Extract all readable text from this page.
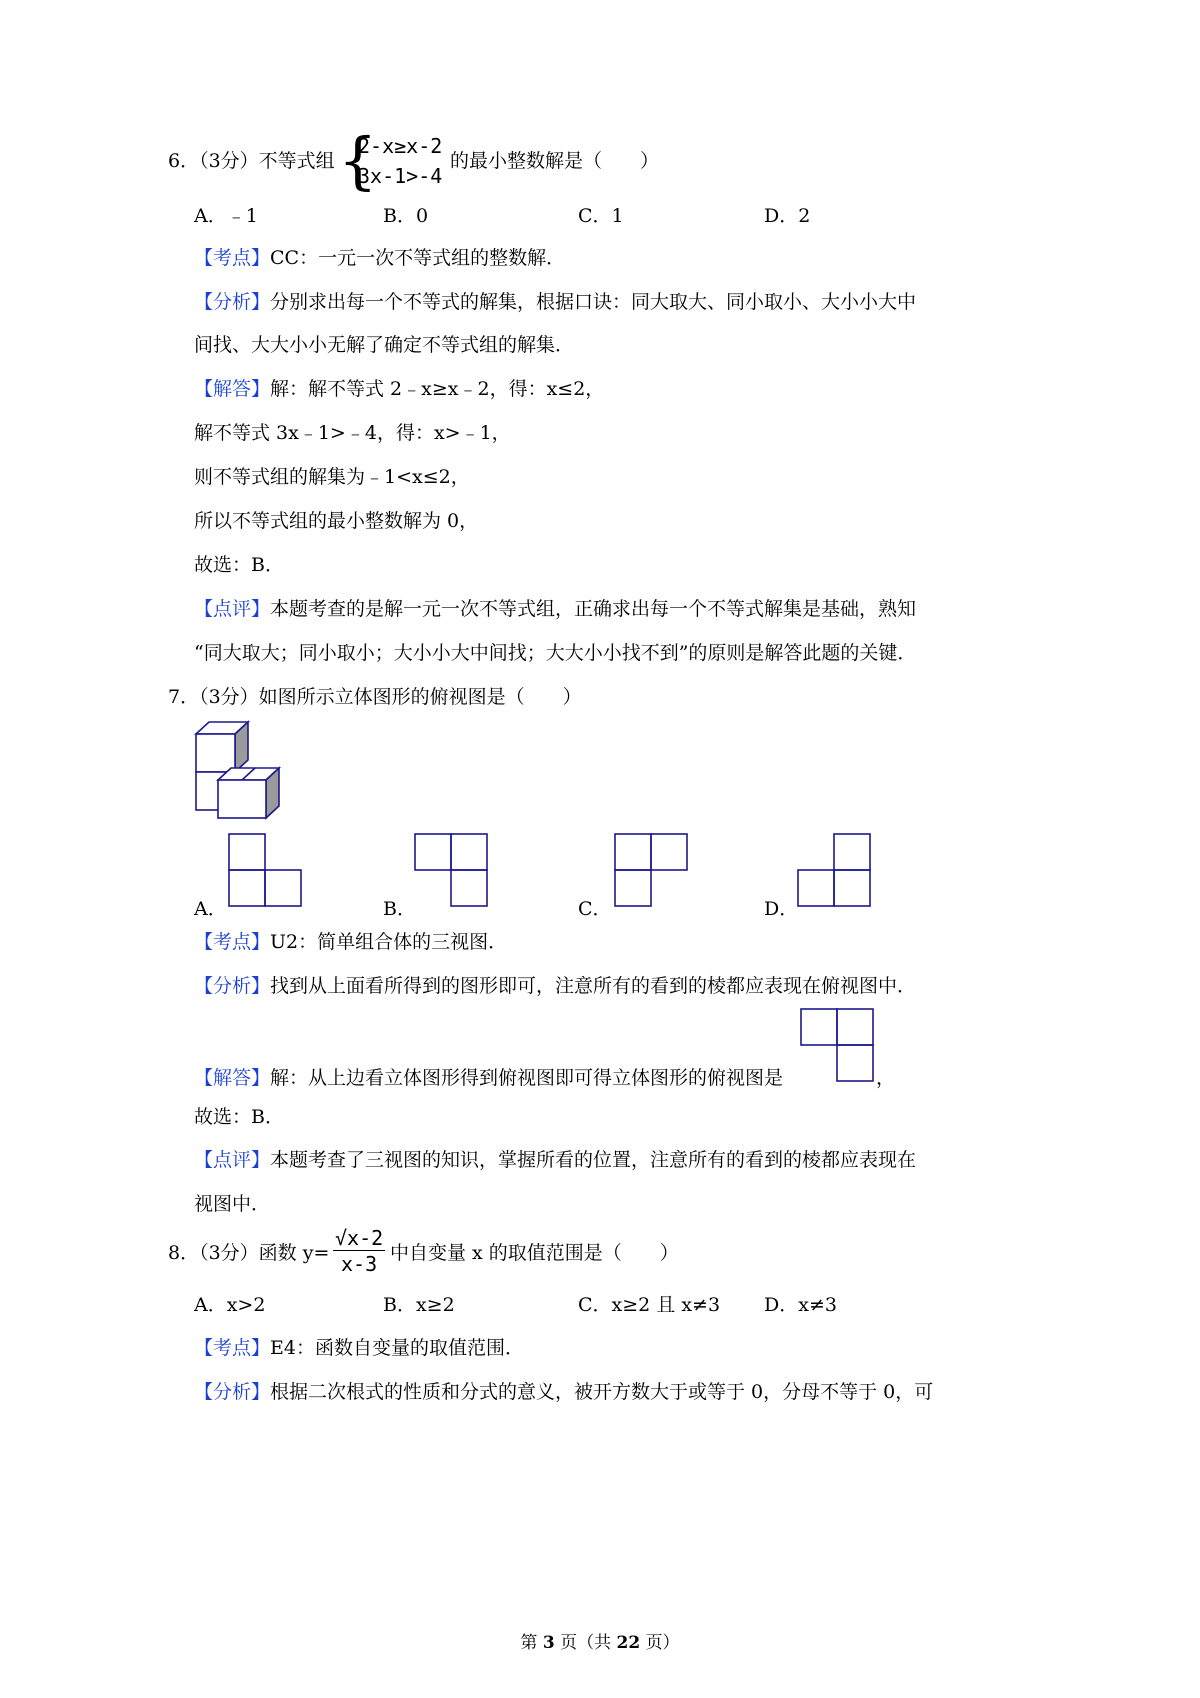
6．（3分）不等式组 {
2-x≥x-2
3x-1>-4
的最小整数解是（　　）
A．﹣1	B．0	C．1	D．2
【考点】CC：一元一次不等式组的整数解．
【分析】分别求出每一个不等式的解集，根据口诀：同大取大、同小取小、大小小大中
间找、大大小小无解了确定不等式组的解集．
【解答】解：解不等式 2﹣x≥x﹣2，得：x≤2，
解不等式 3x﹣1>﹣4，得：x>﹣1，
则不等式组的解集为﹣1<x≤2，
所以不等式组的最小整数解为 0，
故选：B．
【点评】本题考查的是解一元一次不等式组，正确求出每一个不等式解集是基础，熟知
“同大取大；同小取小；大小小大中间找；大大小小找不到”的原则是解答此题的关键．
7．（3分）如图所示立体图形的俯视图是（　　）
A．	B．	C．	D．
【考点】U2：简单组合体的三视图．
【分析】找到从上面看所得到的图形即可，注意所有的看到的棱都应表现在俯视图中．
【解答】解：从上边看立体图形得到俯视图即可得立体图形的俯视图是	，
故选：B．
【点评】本题考查了三视图的知识，掌握所看的位置，注意所有的看到的棱都应表现在
视图中．
8．（3分）函数 $y= \frac{√x-2}{x-3}$ 中自变量 x 的取值范围是（　　）
A．x>2	B．x≥2	C．x≥2 且 x≠3 D．x≠3
【考点】E4：函数自变量的取值范围．
【分析】根据二次根式的性质和分式的意义，被开方数大于或等于 0，分母不等于 0，可
第 3 页（共 22 页）
